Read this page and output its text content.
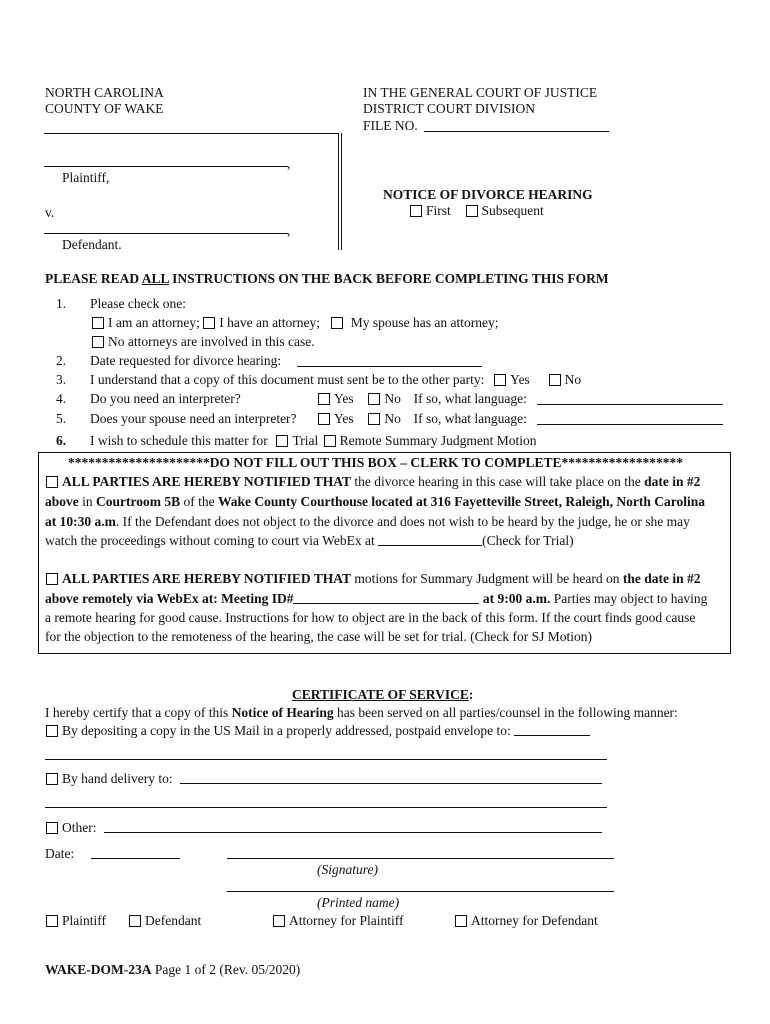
NORTH CAROLINA
COUNTY OF WAKE
IN THE GENERAL COURT OF JUSTICE
DISTRICT COURT DIVISION
FILE NO.
,
Plaintiff,
v.
,
Defendant.
NOTICE OF DIVORCE HEARING
First Subsequent
PLEASE READ ALL INSTRUCTIONS ON THE BACK BEFORE COMPLETING THIS FORM
1. Please check one:
I am an attorney; I have an attorney; My spouse has an attorney;
No attorneys are involved in this case.
2. Date requested for divorce hearing:
3. I understand that a copy of this document must sent be to the other party: Yes	No
4. Do you need an interpreter?	Yes No If so, what language:
5. Does your spouse need an interpreter?	Yes No If so, what language:
6. I wish to schedule this matter for Trial Remote Summary Judgment Motion
*********************DO NOT FILL OUT THIS BOX – CLERK TO COMPLETE******************
ALL PARTIES ARE HEREBY NOTIFIED THAT the divorce hearing in this case will take place on the date in #2
above in Courtroom 5B of the Wake County Courthouse located at 316 Fayetteville Street, Raleigh, North Carolina
at 10:30 a.m. If the Defendant does not object to the divorce and does not wish to be heard by the judge, he or she may
watch the proceedings without coming to court via WebEx at	(Check for Trial)
ALL PARTIES ARE HEREBY NOTIFIED THAT motions for Summary Judgment will be heard on the date in #2
above remotely via WebEx at: Meeting ID#	at 9:00 a.m. Parties may object to having
a remote hearing for good cause. Instructions for how to object are in the back of this form. If the court finds good cause
for the objection to the remoteness of the hearing, the case will be set for trial. (Check for SJ Motion)
CERTIFICATE OF SERVICE:
I hereby certify that a copy of this Notice of Hearing has been served on all parties/counsel in the following manner:
By depositing a copy in the US Mail in a properly addressed, postpaid envelope to:
By hand delivery to:
Other:
Date:
(Signature)
(Printed name)
Plaintiff	Defendant	Attorney for Plaintiff	Attorney for Defendant
WAKE-DOM-23A Page 1 of 2 (Rev. 05/2020)
